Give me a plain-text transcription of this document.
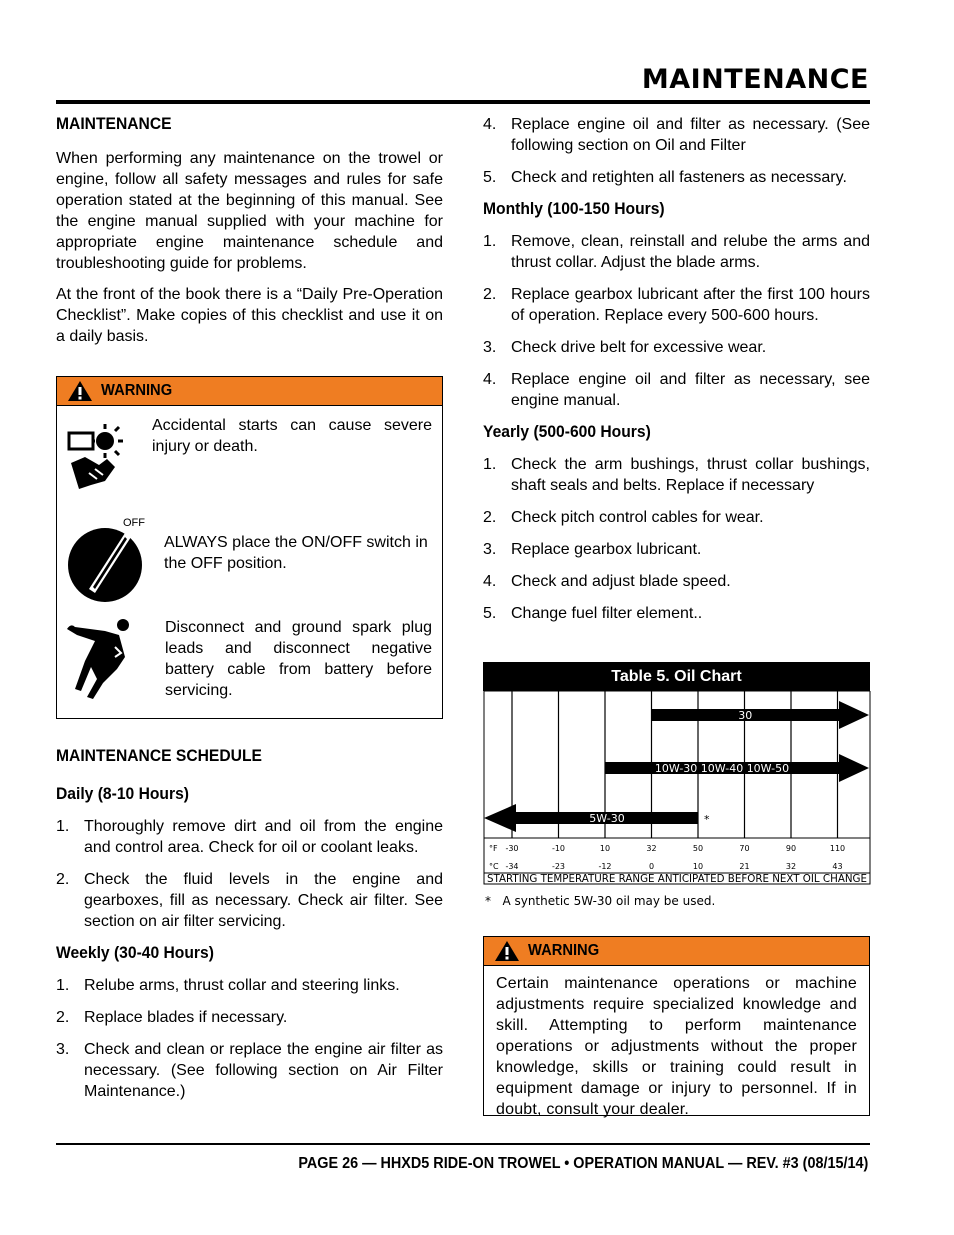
MAINTENANCE
MAINTENANCE

When performing any maintenance on the trowel or engine, follow all safety messages and rules for safe operation stated at the beginning of this manual. See the engine manual supplied with your machine for appropriate engine maintenance schedule and troubleshooting guide for problems.

At the front of the book there is a “Daily Pre-Operation Checklist”. Make copies of this checklist and use it on a daily basis.

WARNING
Accidental starts can cause severe injury or death.
OFF
ALWAYS place the ON/OFF switch in the OFF position.
Disconnect and ground spark plug leads and disconnect negative battery cable from battery before servicing.
MAINTENANCE SCHEDULE
Daily (8-10 Hours)
1. Thoroughly remove dirt and oil from the engine and control area. Check for oil or coolant leaks.
2. Check the fluid levels in the engine and gearboxes, fill as necessary. Check air filter. See section on air filter servicing.
Weekly (30-40 Hours)
1. Relube arms, thrust collar and steering links.
2. Replace blades if necessary.
3. Check and clean or replace the engine air filter as necessary. (See following section on Air Filter Maintenance.)
4. Replace engine oil and filter as necessary. (See following section on Oil and Filter
5. Check and retighten all fasteners as necessary.
Monthly (100-150 Hours)
1. Remove, clean, reinstall and relube the arms and thrust collar. Adjust the blade arms.
2. Replace gearbox lubricant after the first 100 hours of operation. Replace every 500-600 hours.
3. Check drive belt for excessive wear.
4. Replace engine oil and filter as necessary, see engine manual.
Yearly (500-600 Hours)
1. Check the arm bushings, thrust collar bushings, shaft seals and belts. Replace if necessary
2. Check pitch control cables for wear.
3. Replace gearbox lubricant.
4. Check and adjust blade speed.
5. Change fuel filter element..
Table 5. Oil Chart
30
10W-30 10W-40 10W-50
5W-30	*
°F
°C
-30	-10	10	32	50	70	90	110
-34	-23	-12	0	10	21	32	43
STARTING TEMPERATURE RANGE ANTICIPATED BEFORE NEXT OIL CHANGE
*   A synthetic 5W-30 oil may be used.
WARNING
Certain maintenance operations or machine adjustments require specialized knowledge and skill. Attempting to perform maintenance operations or adjustments without the proper knowledge, skills or training could result in equipment damage or injury to personnel. If in doubt, consult your dealer.
PAGE 26 — HHXD5 RIDE-ON TROWEL • OPERATION MANUAL — REV. #3 (08/15/14)
